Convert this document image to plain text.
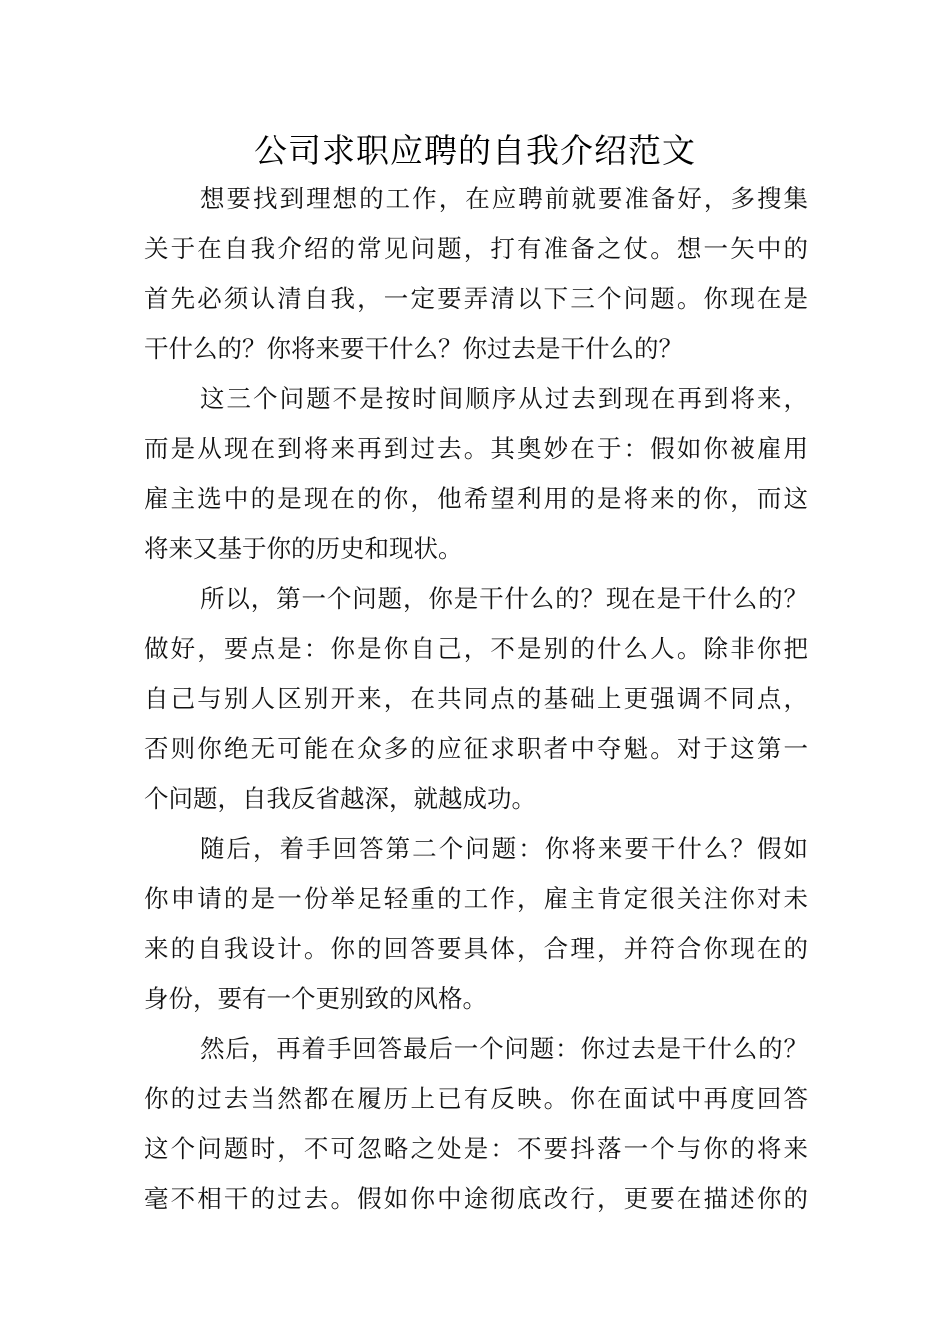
公司求职应聘的自我介绍范文
想要找到理想的工作，在应聘前就要准备好，多搜集
关于在自我介绍的常见问题，打有准备之仗。想一矢中的
首先必须认清自我，一定要弄清以下三个问题。你现在是
干什么的？你将来要干什么？你过去是干什么的？
这三个问题不是按时间顺序从过去到现在再到将来，
而是从现在到将来再到过去。其奥妙在于：假如你被雇用
雇主选中的是现在的你，他希望利用的是将来的你，而这
将来又基于你的历史和现状。
所以，第一个问题，你是干什么的？现在是干什么的？
做好，要点是：你是你自己，不是别的什么人。除非你把
自己与别人区别开来，在共同点的基础上更强调不同点，
否则你绝无可能在众多的应征求职者中夺魁。对于这第一
个问题，自我反省越深，就越成功。
随后，着手回答第二个问题：你将来要干什么？假如
你申请的是一份举足轻重的工作，雇主肯定很关注你对未
来的自我设计。你的回答要具体，合理，并符合你现在的
身份，要有一个更别致的风格。
然后，再着手回答最后一个问题：你过去是干什么的？
你的过去当然都在履历上已有反映。你在面试中再度回答
这个问题时，不可忽略之处是：不要抖落一个与你的将来
毫不相干的过去。假如你中途彻底改行，更要在描述你的
